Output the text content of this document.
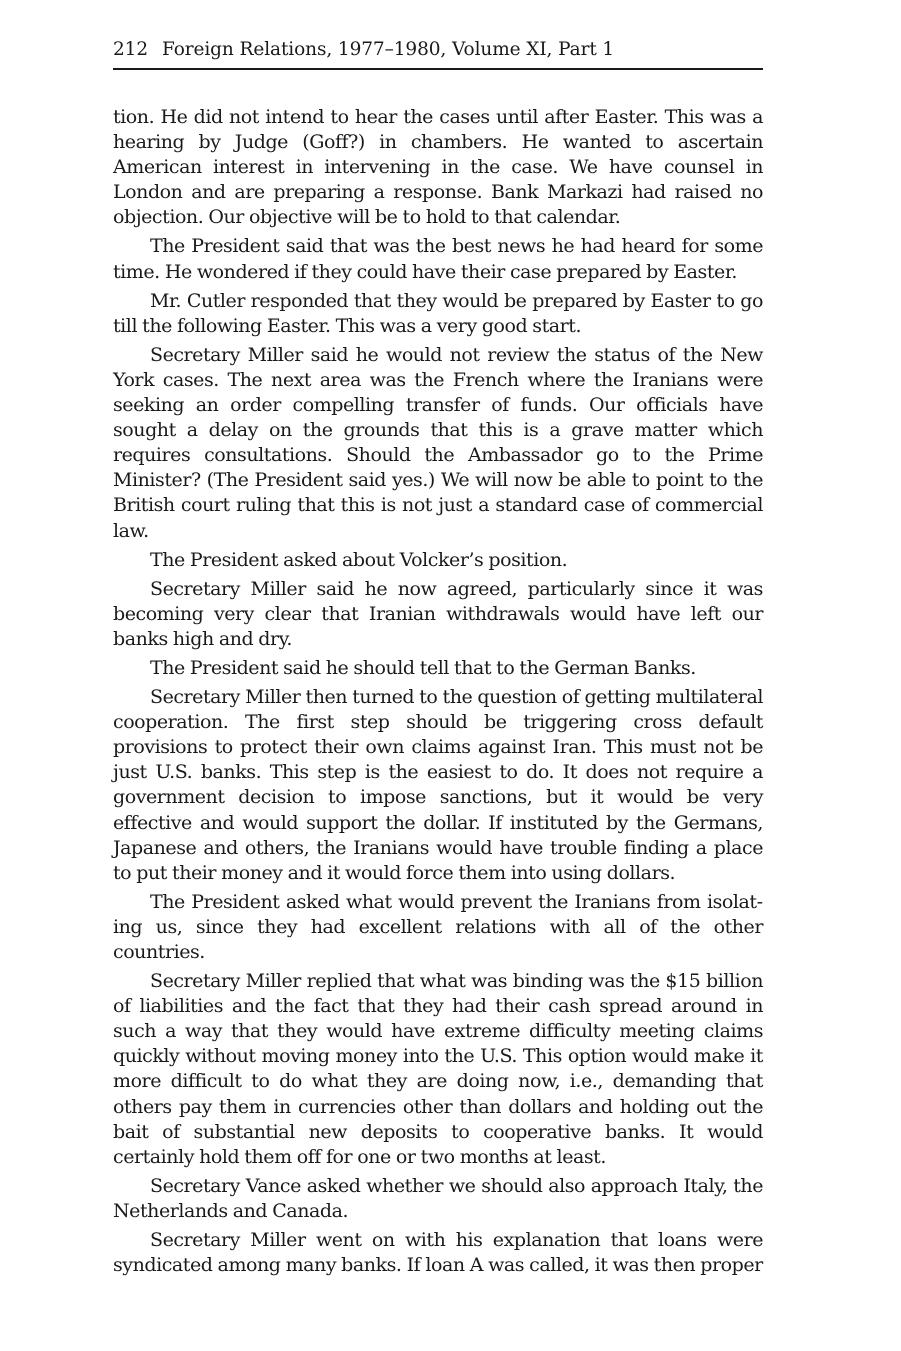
212 Foreign Relations, 1977–1980, Volume XI, Part 1

tion. He did not intend to hear the cases until after Easter. This was a hearing by Judge (Goff?) in chambers. He wanted to ascertain American interest in intervening in the case. We have counsel in London and are preparing a response. Bank Markazi had raised no objection. Our objective will be to hold to that calendar.

The President said that was the best news he had heard for some time. He wondered if they could have their case prepared by Easter.

Mr. Cutler responded that they would be prepared by Easter to go till the following Easter. This was a very good start.

Secretary Miller said he would not review the status of the New York cases. The next area was the French where the Iranians were seeking an order compelling transfer of funds. Our officials have sought a delay on the grounds that this is a grave matter which requires consultations. Should the Ambassador go to the Prime Minister? (The President said yes.) We will now be able to point to the British court ruling that this is not just a standard case of commercial law.

The President asked about Volcker’s position.

Secretary Miller said he now agreed, particularly since it was becoming very clear that Iranian withdrawals would have left our banks high and dry.

The President said he should tell that to the German Banks.

Secretary Miller then turned to the question of getting multilateral cooperation. The first step should be triggering cross default provisions to protect their own claims against Iran. This must not be just U.S. banks. This step is the easiest to do. It does not require a government decision to impose sanctions, but it would be very effective and would support the dollar. If instituted by the Germans, Japanese and others, the Iranians would have trouble finding a place to put their money and it would force them into using dollars.

The President asked what would prevent the Iranians from isolating us, since they had excellent relations with all of the other countries.

Secretary Miller replied that what was binding was the $15 billion of liabilities and the fact that they had their cash spread around in such a way that they would have extreme difficulty meeting claims quickly without moving money into the U.S. This option would make it more difficult to do what they are doing now, i.e., demanding that others pay them in currencies other than dollars and holding out the bait of substantial new deposits to cooperative banks. It would certainly hold them off for one or two months at least.

Secretary Vance asked whether we should also approach Italy, the Netherlands and Canada.

Secretary Miller went on with his explanation that loans were syndicated among many banks. If loan A was called, it was then proper
